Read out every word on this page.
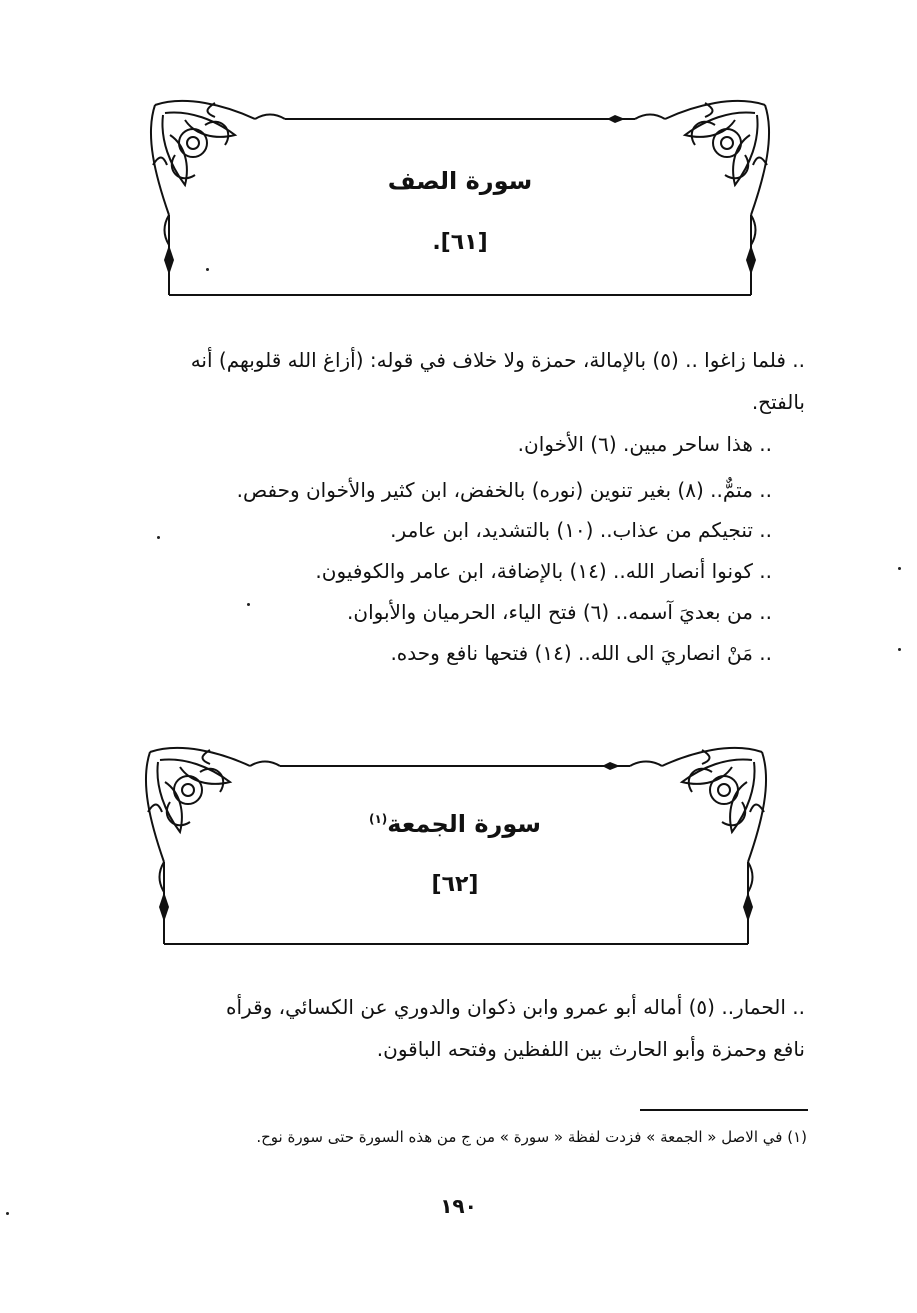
سورة الصف
[٦١].
.. فلما زاغوا .. (٥) بالإمالة، حمزة ولا خلاف في قوله: (أزاغ الله قلوبهم) أنه
بالفتح.
.. هذا ساحر مبين. (٦) الأخوان.
.. متمٌّ.. (٨) بغير تنوين (نوره) بالخفض، ابن كثير والأخوان وحفص.
.. تنجيكم من عذاب.. (١٠) بالتشديد، ابن عامر.
.. كونوا أنصار الله.. (١٤) بالإضافة، ابن عامر والكوفيون.
.. من بعديَ آسمه.. (٦) فتح الياء، الحرميان والأبوان.
.. مَنْ انصاريَ الى الله.. (١٤) فتحها نافع وحده.
سورة الجمعة$^{(١)}$
[٦٢]
.. الحمار.. (٥) أماله أبو عمرو وابن ذكوان والدوري عن الكسائي، وقرأه
نافع وحمزة وأبو الحارث بين اللفظين وفتحه الباقون.
(١) في الاصل « الجمعة » فزدت لفظة « سورة » من ج من هذه السورة حتى سورة نوح.
١٩٠
